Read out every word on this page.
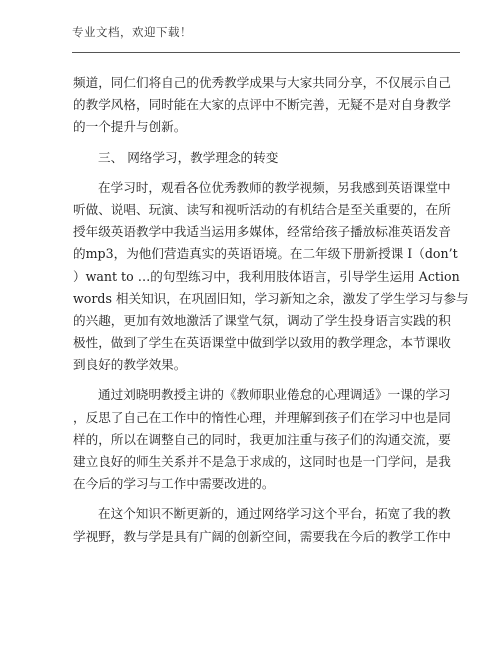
专业文档，欢迎下载！
频道，同仁们将自己的优秀教学成果与大家共同分享，不仅展示自己
的教学风格，同时能在大家的点评中不断完善，无疑不是对自身教学
的一个提升与创新。
三、 网络学习，教学理念的转变
在学习时，观看各位优秀教师的教学视频，另我感到英语课堂中
听做、说唱、玩演、读写和视听活动的有机结合是至关重要的，在所
授年级英语教学中我适当运用多媒体，经常给孩子播放标准英语发音
的mp3，为他们营造真实的英语语境。在二年级下册新授课 I（don’t
）want to …的句型练习中，我利用肢体语言，引导学生运用 Action
words 相关知识，在巩固旧知，学习新知之余，激发了学生学习与参与
的兴趣，更加有效地激活了课堂气氛，调动了学生投身语言实践的积
极性，做到了学生在英语课堂中做到学以致用的教学理念，本节课收
到良好的教学效果。
通过刘晓明教授主讲的《教师职业倦怠的心理调适》一课的学习
，反思了自己在工作中的惰性心理，并理解到孩子们在学习中也是同
样的，所以在调整自己的同时，我更加注重与孩子们的沟通交流，要
建立良好的师生关系并不是急于求成的，这同时也是一门学问，是我
在今后的学习与工作中需要改进的。
在这个知识不断更新的，通过网络学习这个平台，拓宽了我的教
学视野，教与学是具有广阔的创新空间，需要我在今后的教学工作中
